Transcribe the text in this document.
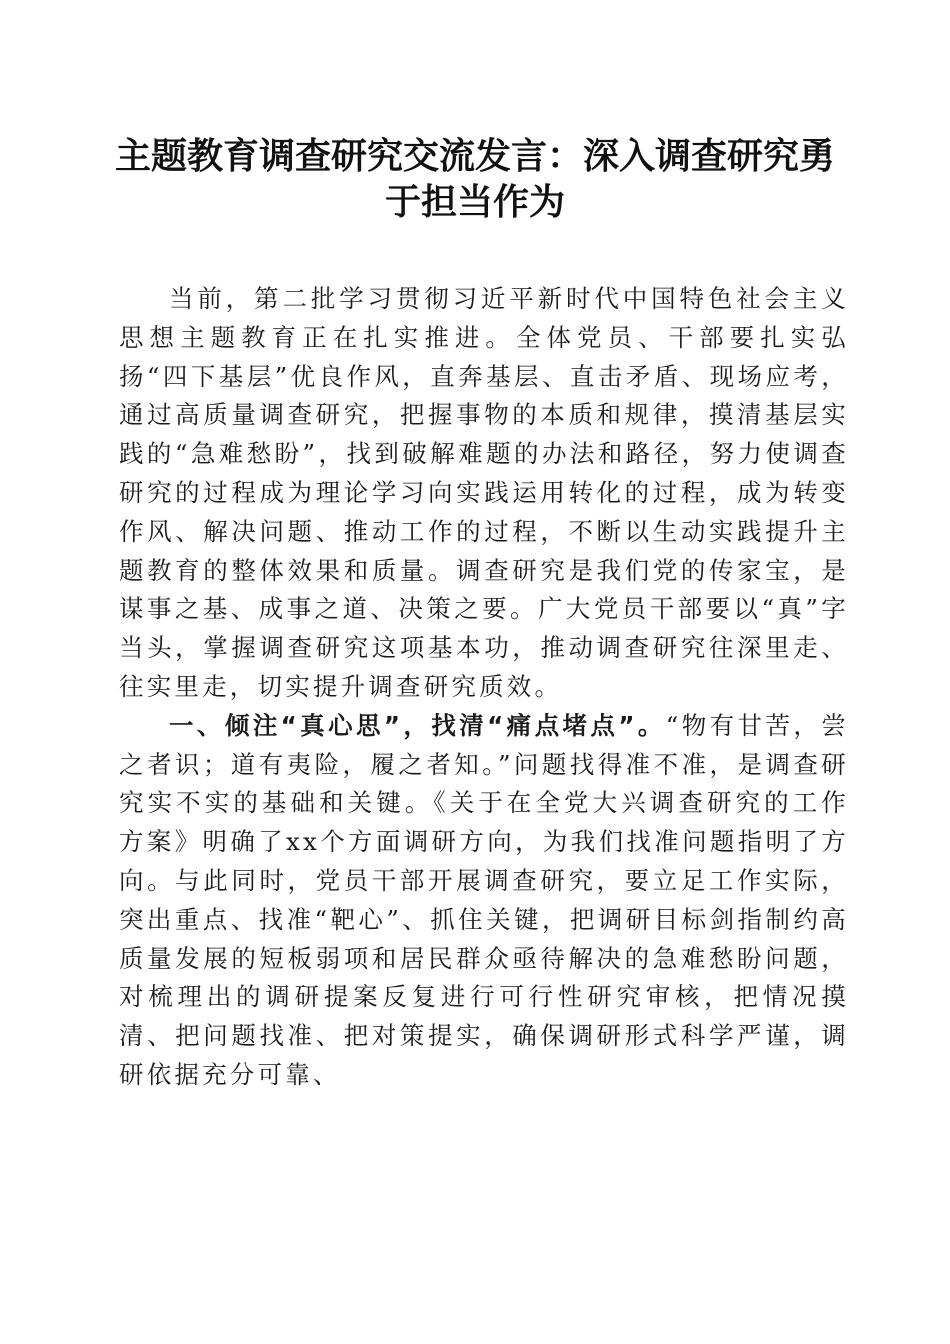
主题教育调查研究交流发言：深入调查研究勇于担当作为

当前，第二批学习贯彻习近平新时代中国特色社会主义思想主题教育正在扎实推进。全体党员、干部要扎实弘扬“四下基层”优良作风，直奔基层、直击矛盾、现场应考，通过高质量调查研究，把握事物的本质和规律，摸清基层实践的“急难愁盼”，找到破解难题的办法和路径，努力使调查研究的过程成为理论学习向实践运用转化的过程，成为转变作风、解决问题、推动工作的过程，不断以生动实践提升主题教育的整体效果和质量。调查研究是我们党的传家宝，是谋事之基、成事之道、决策之要。广大党员干部要以“真”字当头，掌握调查研究这项基本功，推动调查研究往深里走、往实里走，切实提升调查研究质效。

一、倾注“真心思”，找清“痛点堵点”。“物有甘苦，尝之者识；道有夷险，履之者知。”问题找得准不准，是调查研究实不实的基础和关键。《关于在全党大兴调查研究的工作方案》明确了xx个方面调研方向，为我们找准问题指明了方向。与此同时，党员干部开展调查研究，要立足工作实际，突出重点、找准“靶心”、抓住关键，把调研目标剑指制约高质量发展的短板弱项和居民群众亟待解决的急难愁盼问题，对梳理出的调研提案反复进行可行性研究审核，把情况摸清、把问题找准、把对策提实，确保调研形式科学严谨，调研依据充分可靠、
